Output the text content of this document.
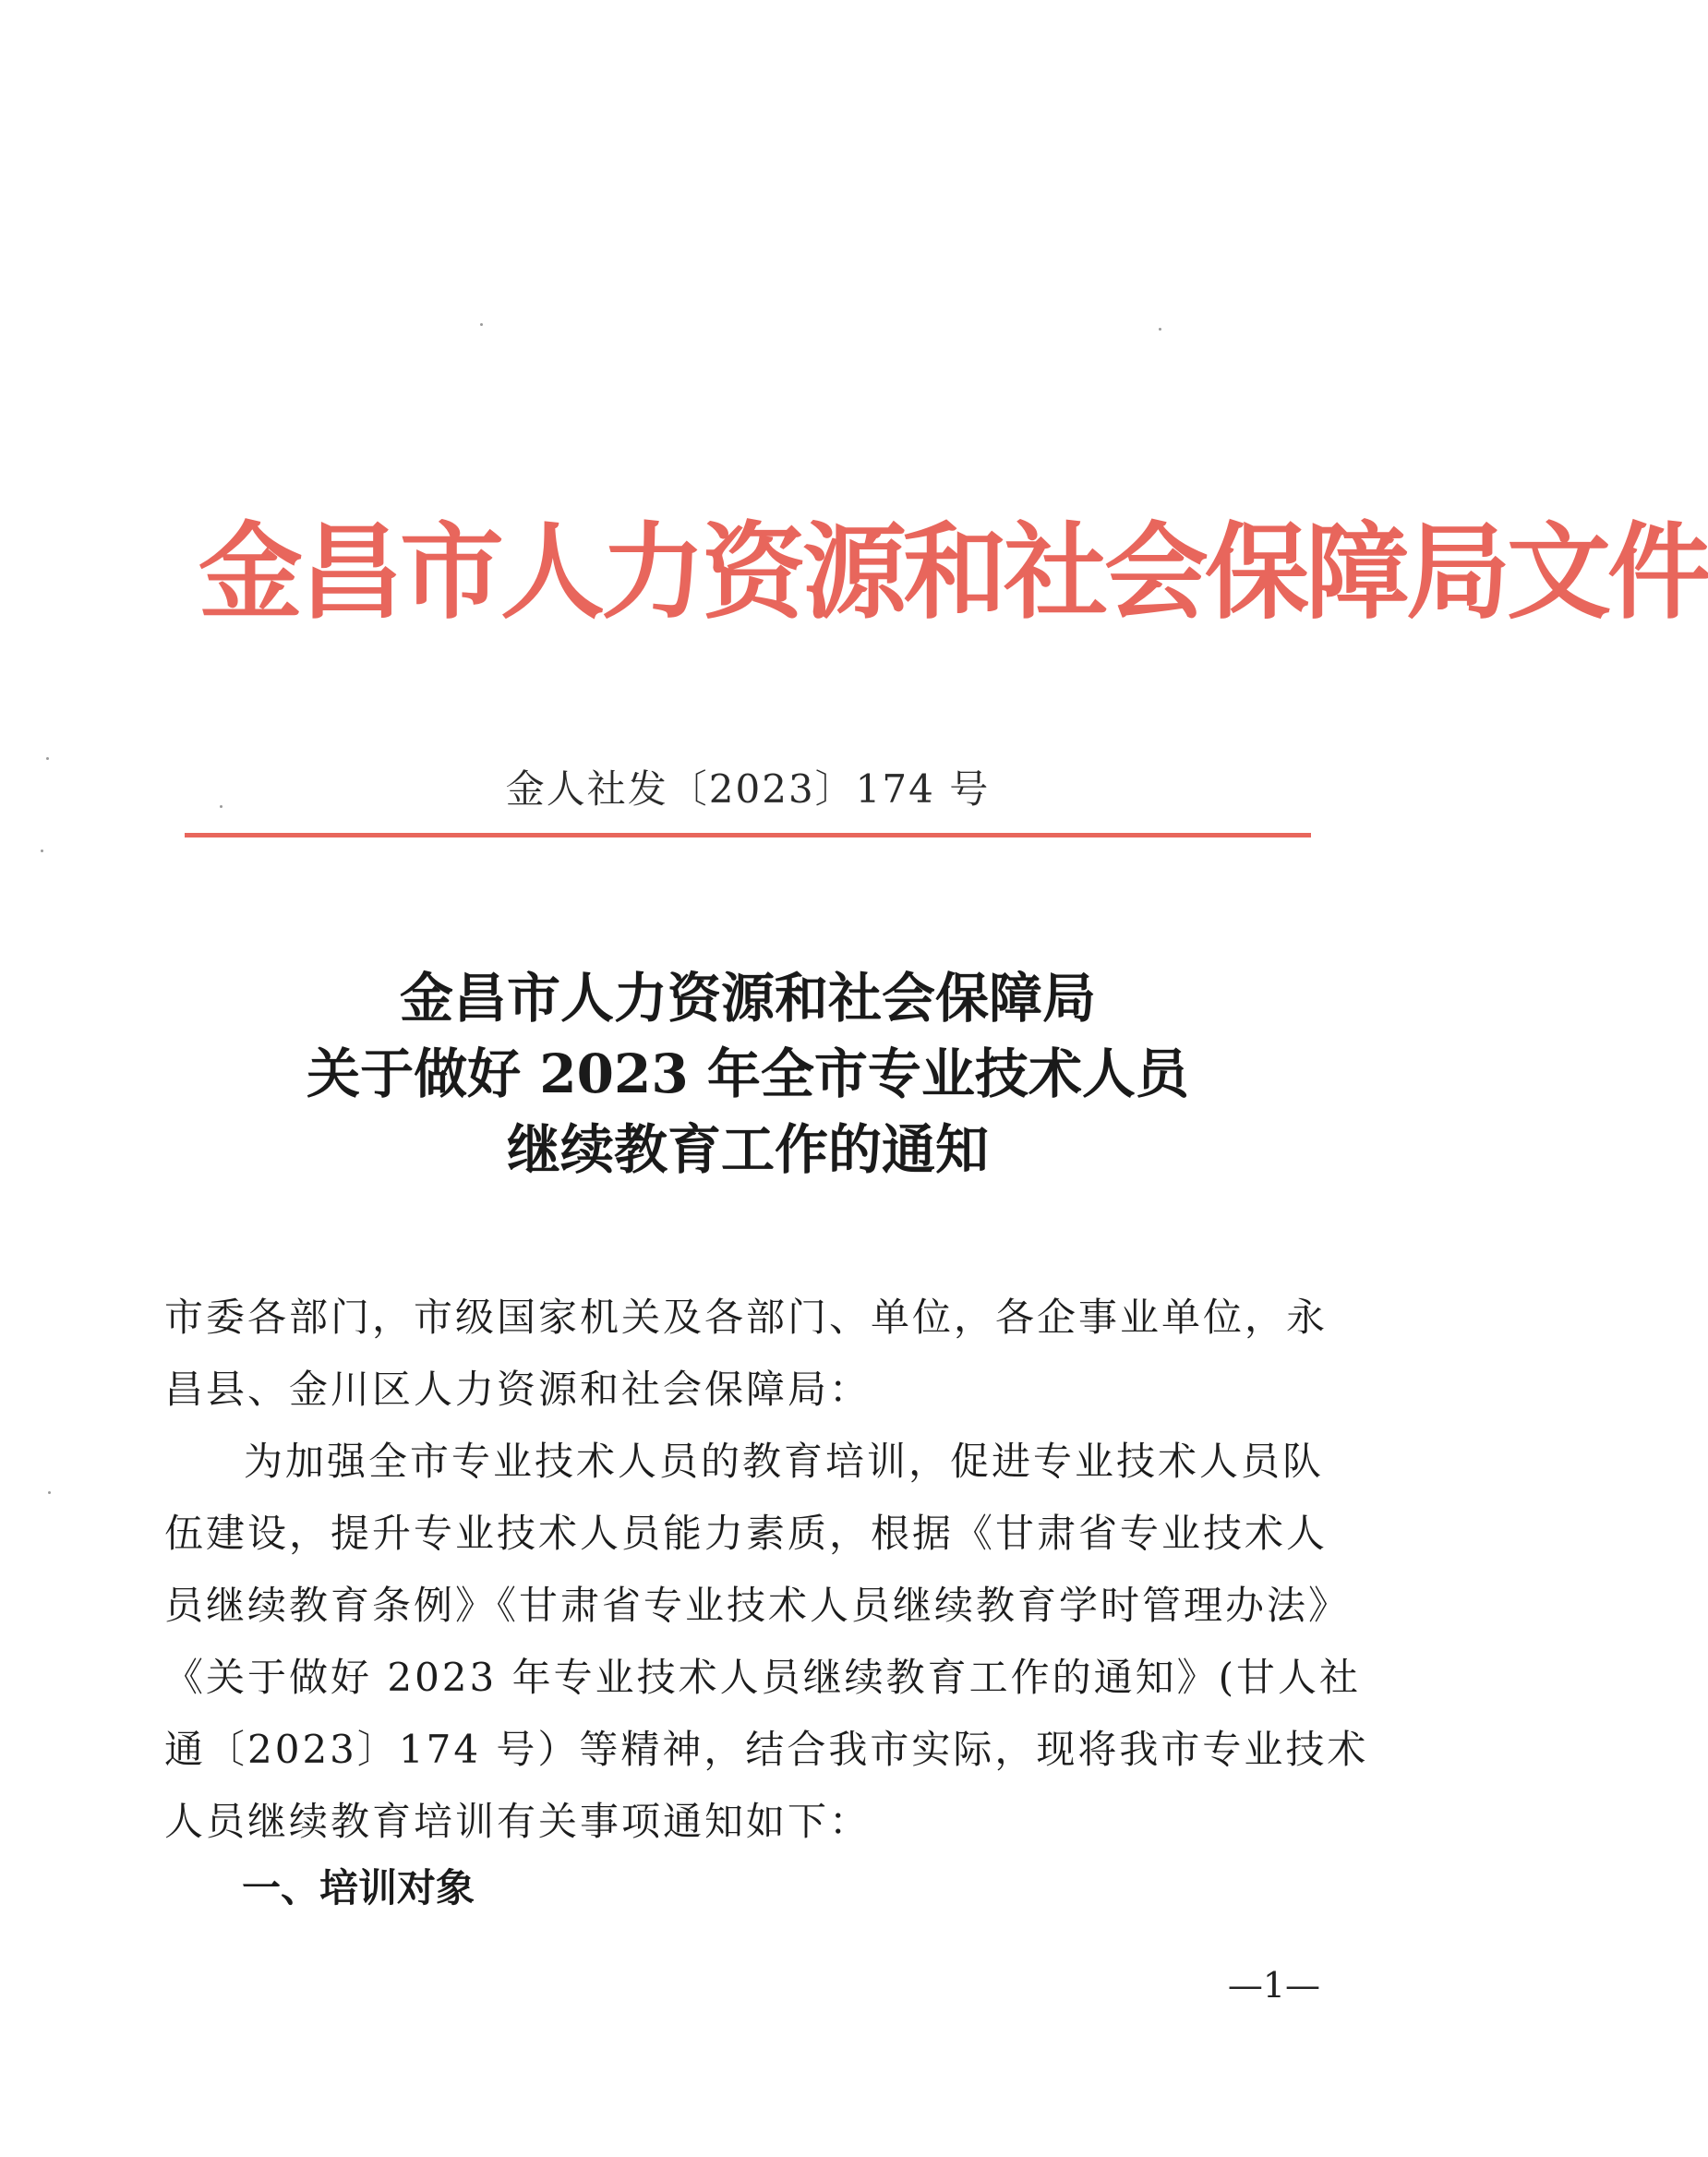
金昌市人力资源和社会保障局文件
金人社发〔2023〕174 号
金昌市人力资源和社会保障局
关于做好 2023 年全市专业技术人员
继续教育工作的通知
市委各部门，市级国家机关及各部门、单位，各企事业单位，永
昌县、金川区人力资源和社会保障局：
为加强全市专业技术人员的教育培训，促进专业技术人员队
伍建设，提升专业技术人员能力素质，根据《甘肃省专业技术人
员继续教育条例》《甘肃省专业技术人员继续教育学时管理办法》
《关于做好 2023 年专业技术人员继续教育工作的通知》(甘人社
通〔2023〕174 号）等精神，结合我市实际，现将我市专业技术
人员继续教育培训有关事项通知如下：
一、培训对象
—1—
